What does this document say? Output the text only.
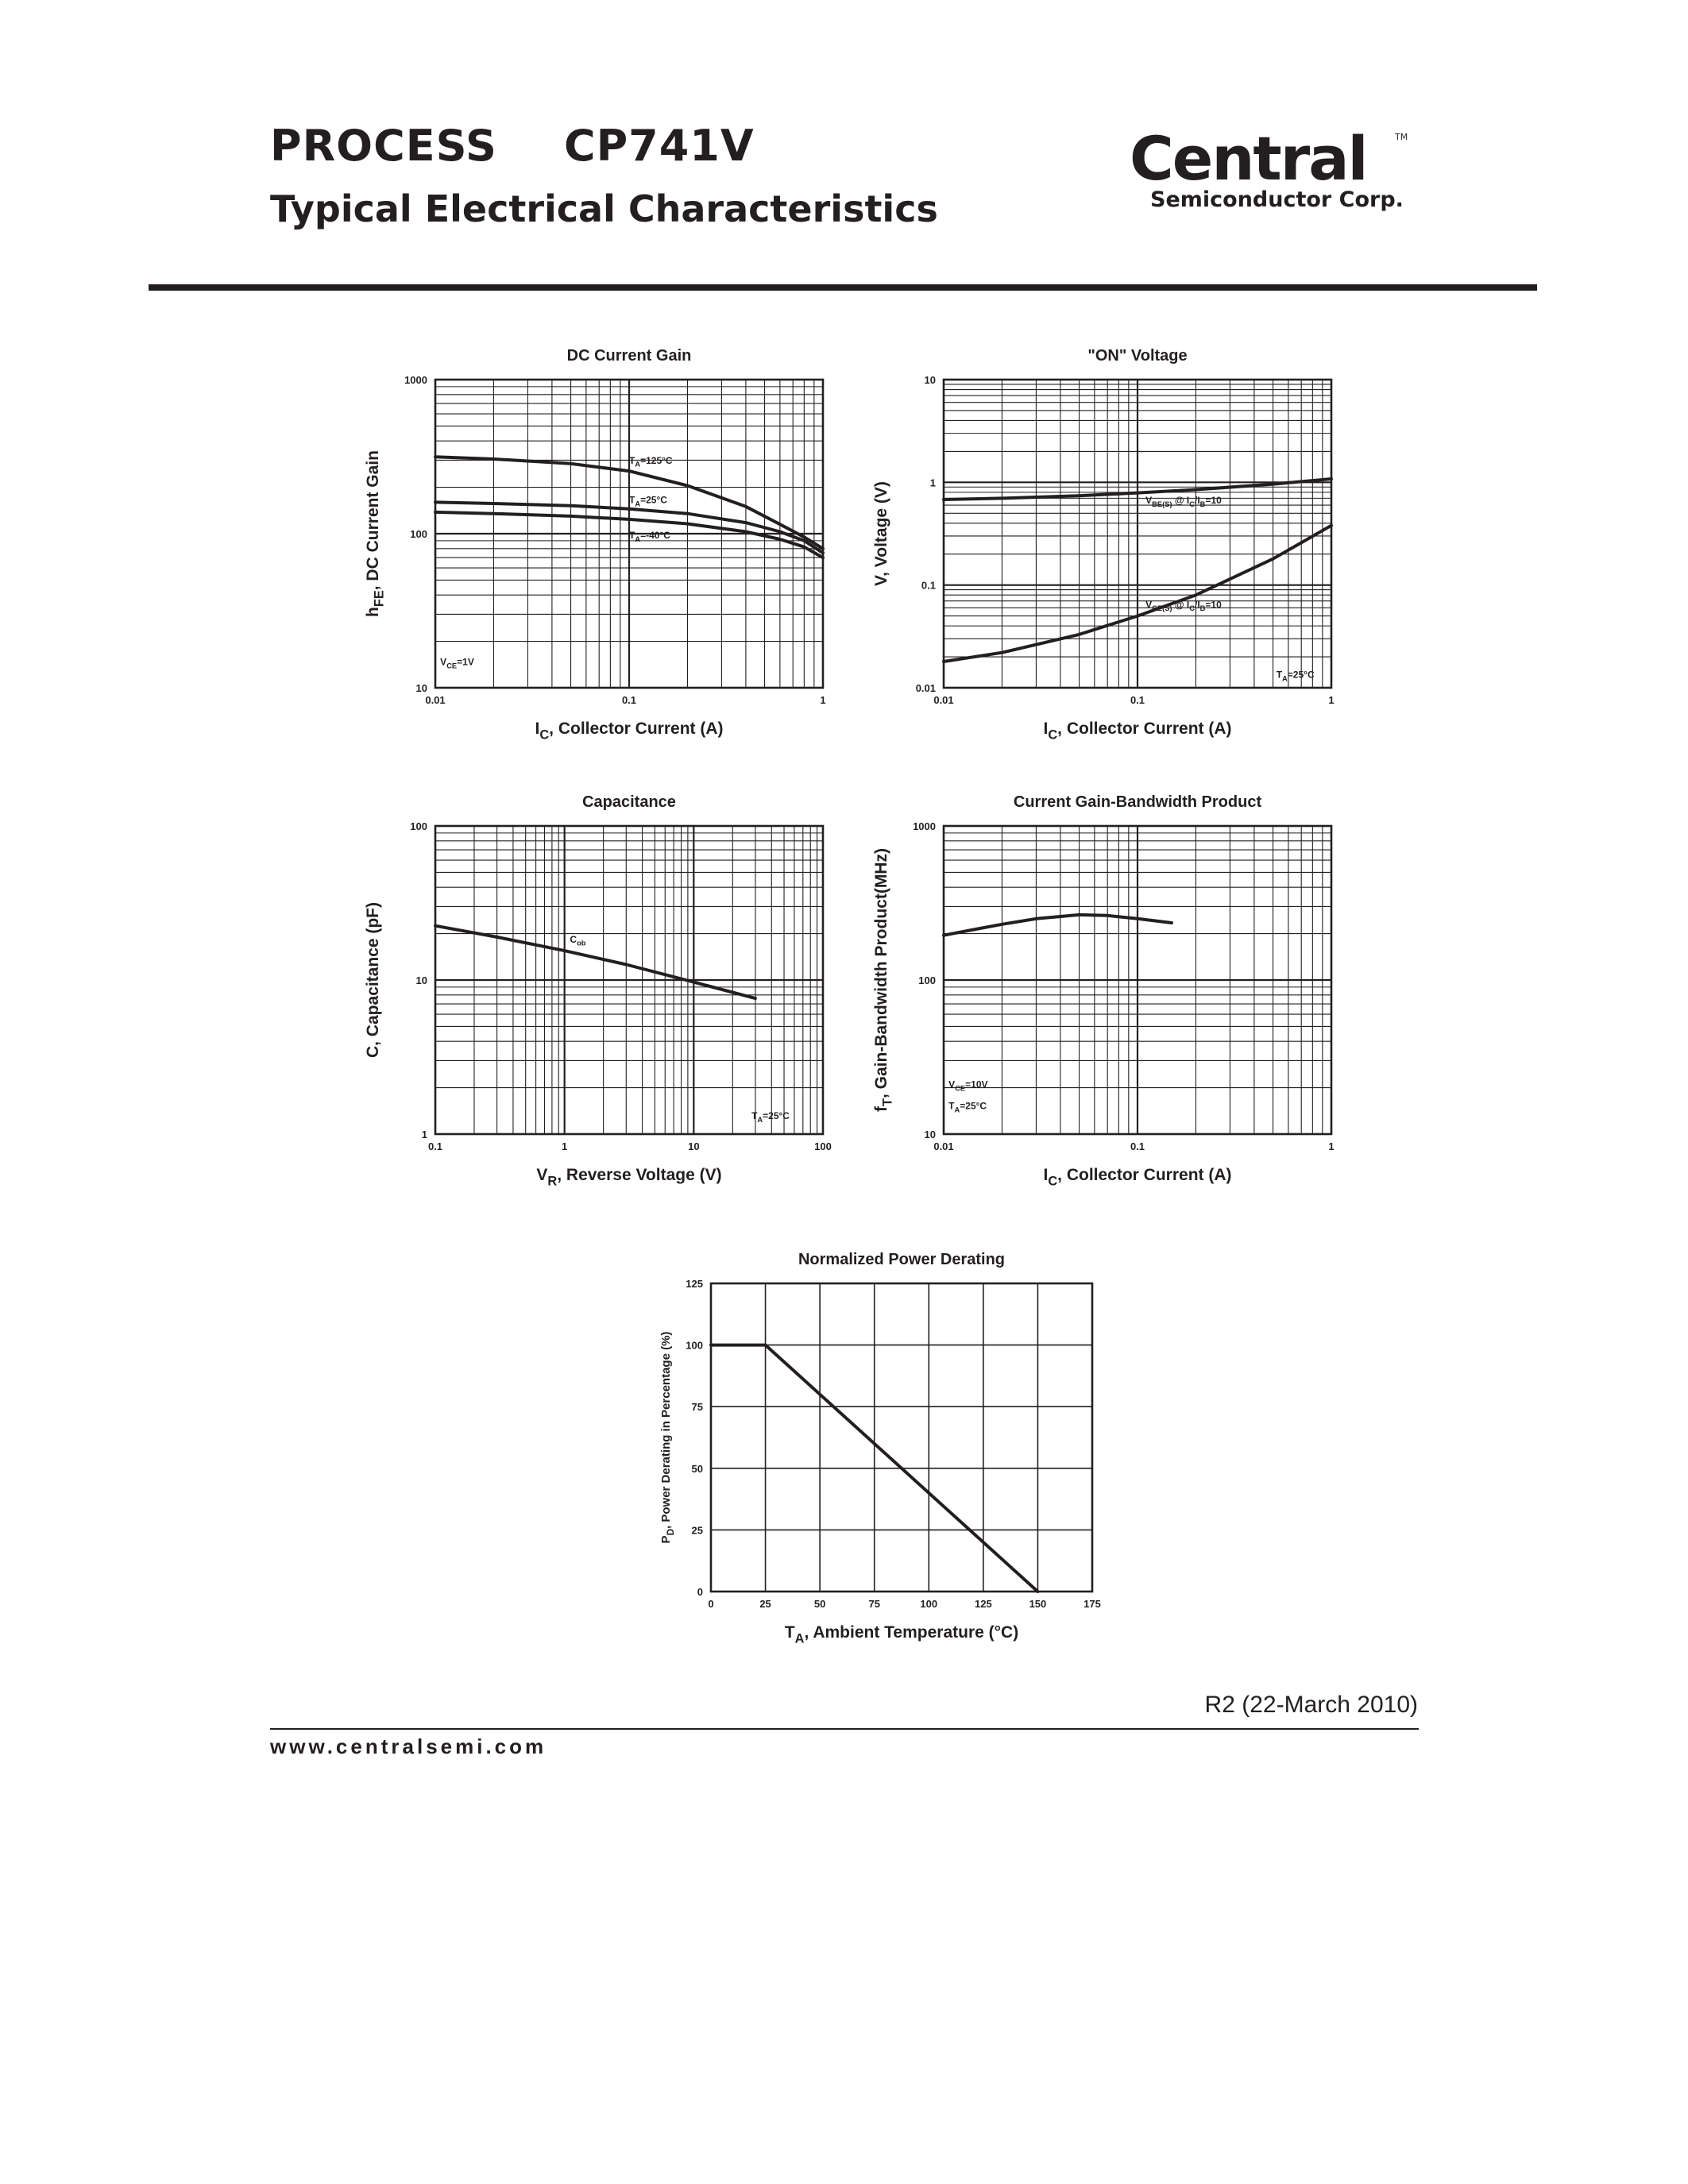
PROCESS CP741V
Typical Electrical Characteristics
Central	TM
Semiconductor Corp.
0.01	0.1	1
10
100
1000
DC Current Gain
$I_C$, Collector Current (A)
$h_{FE}$, DC Current Gain	$T_A=125^\circ C$
$T_A=25^\circ C$
$T_A=-40^\circ C$
$V_{CE}=1V$
0.01	0.1	1
0.01
0.1
1
10
"ON" Voltage
$I_C$, Collector Current (A)
V, Voltage (V)	$V_{BE(S)}$ @ $I_C/I_B=10$
$V_{CE(S)}$ @ $I_C/I_B=10$
$T_A=25^\circ C$
0.1	1	10	100
1
10
100
Capacitance
$V_R$, Reverse Voltage (V)
C, Capacitance (pF)	$C_{ob}$
$T_A=25^\circ C$
0.01	0.1	1
10
100
1000
Current Gain-Bandwidth Product
$I_C$, Collector Current (A)
$f_T$, Gain-Bandwidth Product(MHz)	$V_{CE}=10V$
$T_A=25^\circ C$
0	25	50	75	100	125	150	175
0
25
50
75
100
125
Normalized Power Derating
$T_A$, Ambient Temperature (°C)
$P_D$, Power Derating in Percentage (%)
R2 (22-March 2010)
www.centralsemi.com
